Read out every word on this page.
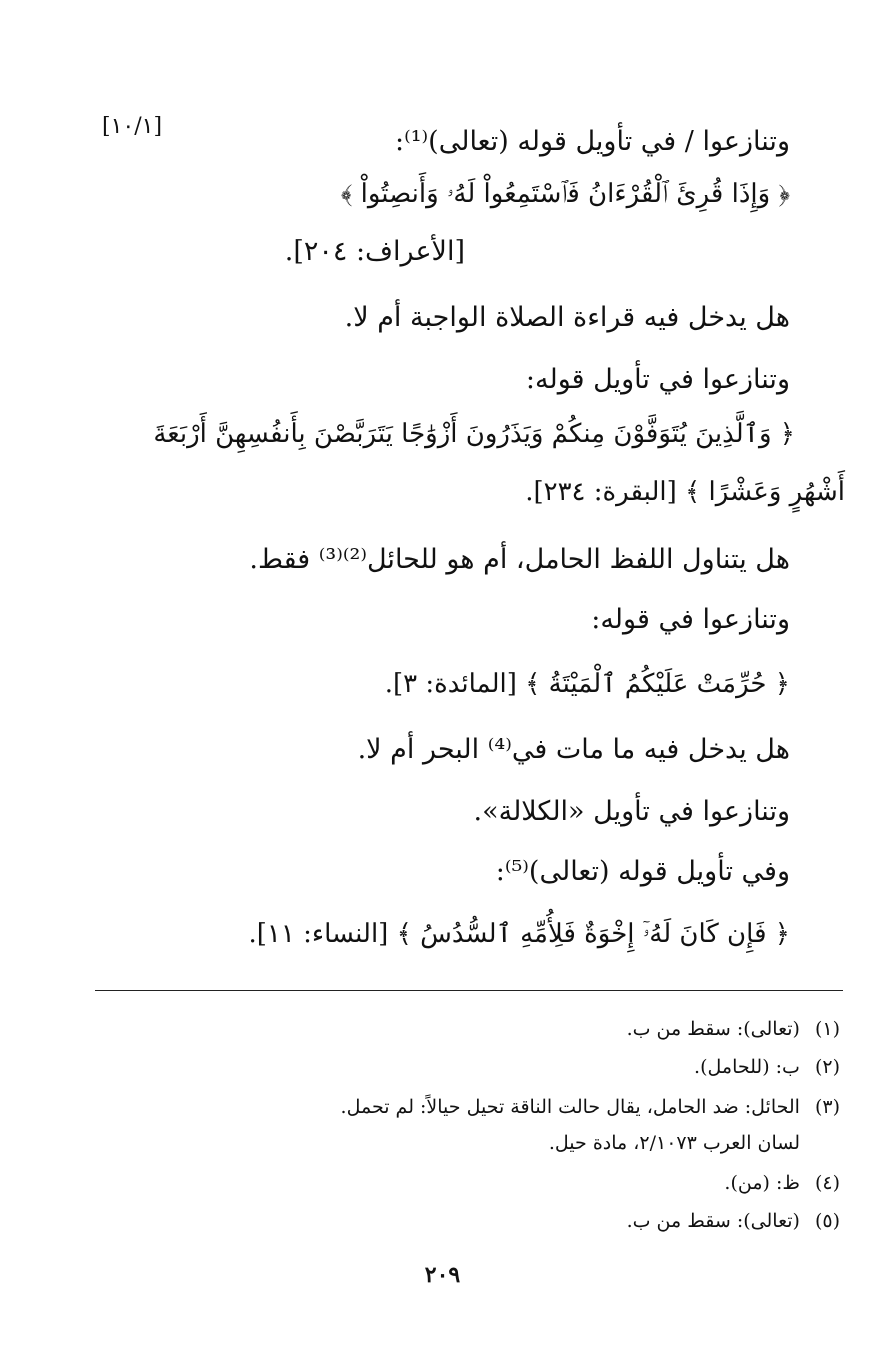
[١٠/١]	وتنازعوا / في تأويل قوله (تعالى)⁽¹⁾:
﴿ وَإِذَا قُرِئَ ٱلْقُرْءَانُ فَٱسْتَمِعُواْ لَهُۥ وَأَنصِتُواْ ﴾
[الأعراف: ٢٠٤].
هل يدخل فيه قراءة الصلاة الواجبة أم لا.
وتنازعوا في تأويل قوله:
﴿ وَٱلَّذِينَ يُتَوَفَّوْنَ مِنكُمْ وَيَذَرُونَ أَزْوَٰجًا يَتَرَبَّصْنَ بِأَنفُسِهِنَّ أَرْبَعَةَ
أَشْهُرٍ وَعَشْرًا ﴾ [البقرة: ٢٣٤].
هل يتناول اللفظ الحامل، أم هو للحائل⁽²⁾⁽³⁾ فقط.
وتنازعوا في قوله:
﴿ حُرِّمَتْ عَلَيْكُمُ ٱلْمَيْتَةُ ﴾ [المائدة: ٣].
هل يدخل فيه ما مات في⁽⁴⁾ البحر أم لا.
وتنازعوا في تأويل «الكلالة».
وفي تأويل قوله (تعالى)⁽⁵⁾:
﴿ فَإِن كَانَ لَهُۥٓ إِخْوَةٌ فَلِأُمِّهِ ٱلسُّدُسُ ﴾ [النساء: ١١].
(١) (تعالى): سقط من ب.
(٢) ب: (للحامل).
(٣) الحائل: ضد الحامل، يقال حالت الناقة تحيل حيالاً: لم تحمل.
لسان العرب ٢/١٠٧٣، مادة حيل.
(٤) ظ: (من).
(٥) (تعالى): سقط من ب.
٢٠٩
